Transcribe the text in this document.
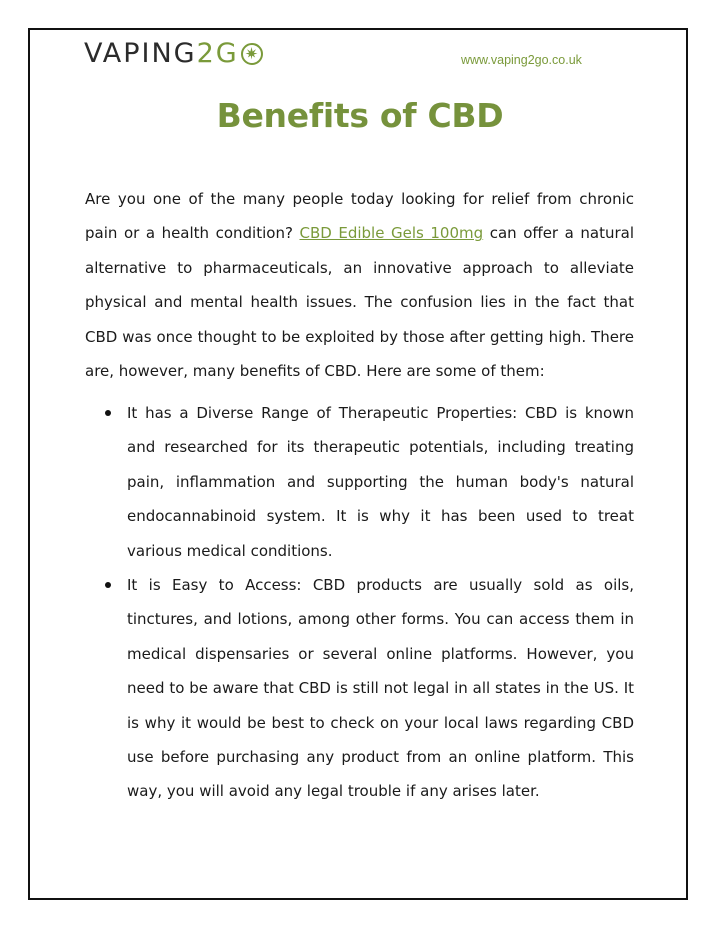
VAPING 2G	www.vaping2go.co.uk
Benefits of CBD

Are you one of the many people today looking for relief from chronic pain or a health condition? CBD Edible Gels 100mg can offer a natural alternative to pharmaceuticals, an innovative approach to alleviate physical and mental health issues. The confusion lies in the fact that CBD was once thought to be exploited by those after getting high. There are, however, many benefits of CBD. Here are some of them:

It has a Diverse Range of Therapeutic Properties: CBD is known and researched for its therapeutic potentials, including treating pain, inflammation and supporting the human body's natural endocannabinoid system. It is why it has been used to treat various medical conditions.
It is Easy to Access: CBD products are usually sold as oils, tinctures, and lotions, among other forms. You can access them in medical dispensaries or several online platforms. However, you need to be aware that CBD is still not legal in all states in the US. It is why it would be best to check on your local laws regarding CBD use before purchasing any product from an online platform. This way, you will avoid any legal trouble if any arises later.
